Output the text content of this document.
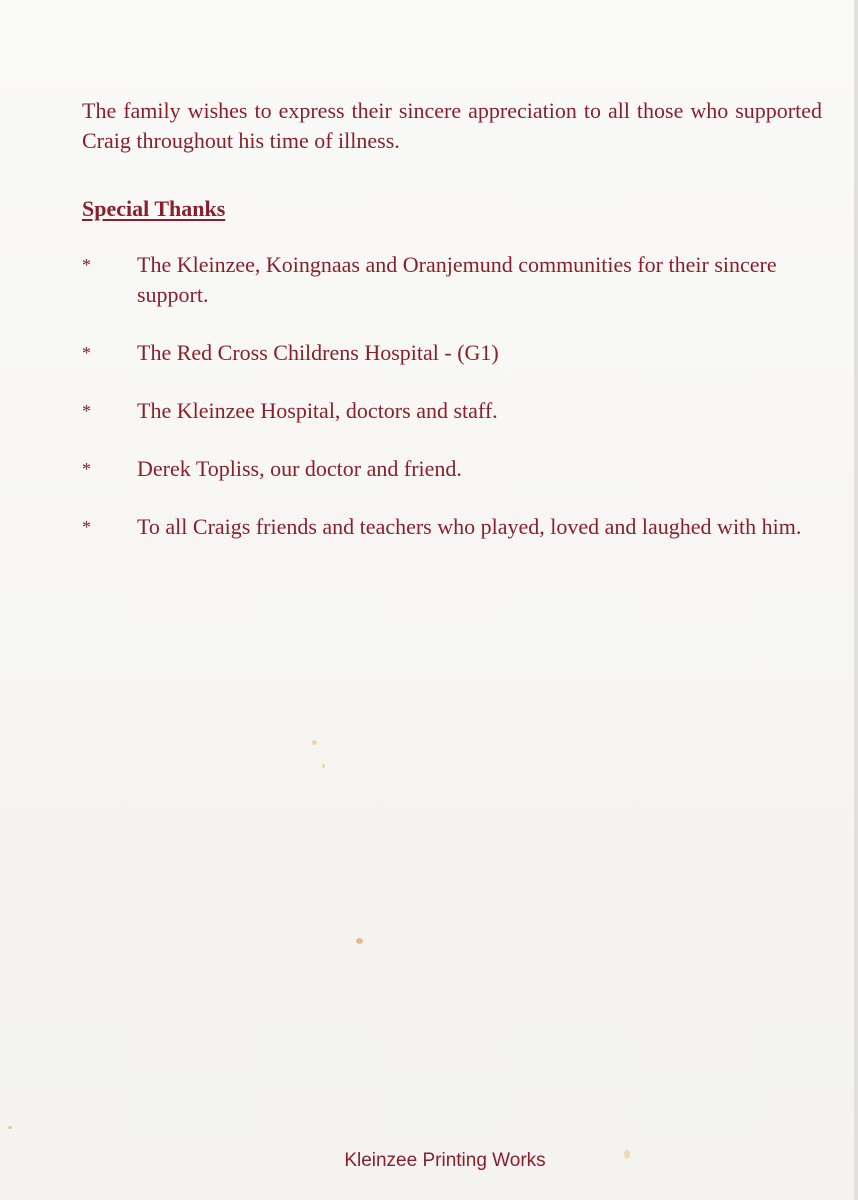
The family wishes to express their sincere appreciation to all those who supported Craig throughout his time of illness.

Special Thanks
* The Kleinzee, Koingnaas and Oranjemund communities for their sincere support.
* The Red Cross Childrens Hospital - (G1)
* The Kleinzee Hospital, doctors and staff.
* Derek Topliss, our doctor and friend.
* To all Craigs friends and teachers who played, loved and laughed with him.
Kleinzee Printing Works
